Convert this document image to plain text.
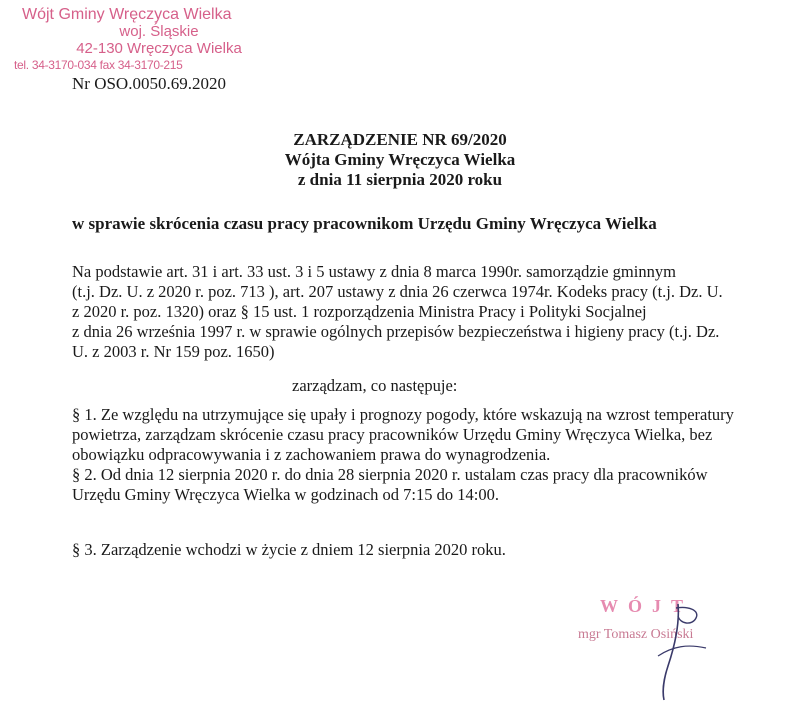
Wójt Gminy Wręczyca Wielka
woj. Śląskie
42-130 Wręczyca Wielka
tel. 34-3170-034 fax 34-3170-215
Nr OSO.0050.69.2020
ZARZĄDZENIE NR 69/2020
Wójta Gminy Wręczyca Wielka
z dnia 11 sierpnia 2020 roku
w sprawie skrócenia czasu pracy pracownikom Urzędu Gminy Wręczyca Wielka
Na podstawie art. 31 i art. 33 ust. 3 i 5 ustawy z dnia 8 marca 1990r. samorządzie gminnym
(t.j. Dz. U. z 2020 r. poz. 713 ), art. 207 ustawy z dnia 26 czerwca 1974r. Kodeks pracy (t.j. Dz. U.
z 2020 r. poz. 1320) oraz § 15 ust. 1 rozporządzenia Ministra Pracy i Polityki Socjalnej
z dnia 26 września 1997 r. w sprawie ogólnych przepisów bezpieczeństwa i higieny pracy (t.j. Dz.
U. z 2003 r. Nr 159 poz. 1650)
zarządzam, co następuje:
§ 1. Ze względu na utrzymujące się upały i prognozy pogody, które wskazują na wzrost temperatury
powietrza, zarządzam skrócenie czasu pracy pracowników Urzędu Gminy Wręczyca Wielka, bez
obowiązku odpracowywania i z zachowaniem prawa do wynagrodzenia.
§ 2. Od dnia 12 sierpnia 2020 r. do dnia 28 sierpnia 2020 r. ustalam czas pracy dla pracowników
Urzędu Gminy Wręczyca Wielka w godzinach od 7:15 do 14:00.
§ 3. Zarządzenie wchodzi w życie z dniem 12 sierpnia 2020 roku.
WÓJT
mgr Tomasz Osiński
